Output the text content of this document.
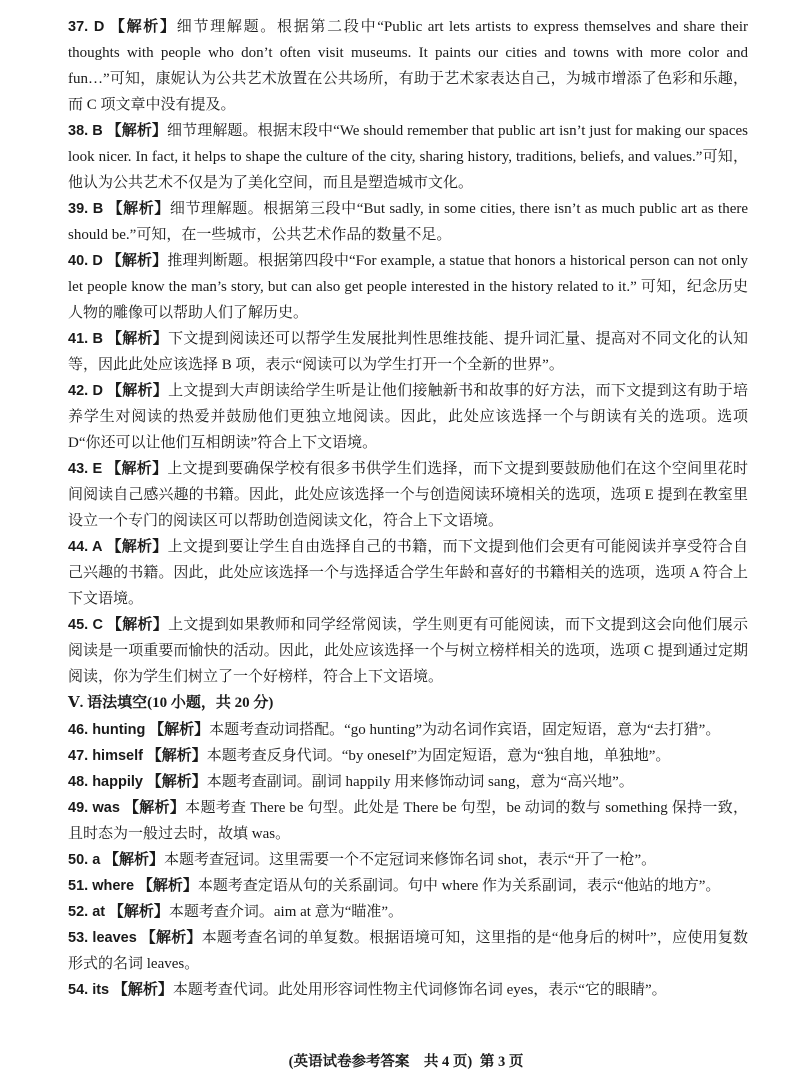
37. D 【解析】细节理解题。根据第二段中“Public art lets artists to express themselves and share their thoughts with people who don’t often visit museums. It paints our cities and towns with more color and fun…”可知，康妮认为公共艺术放置在公共场所，有助于艺术家表达自己，为城市增添了色彩和乐趣，而 C 项文章中没有提及。

38. B 【解析】细节理解题。根据末段中“We should remember that public art isn’t just for making our spaces look nicer. In fact, it helps to shape the culture of the city, sharing history, traditions, beliefs, and values.”可知，他认为公共艺术不仅是为了美化空间，而且是塑造城市文化。

39. B 【解析】细节理解题。根据第三段中“But sadly, in some cities, there isn’t as much public art as there should be.”可知，在一些城市，公共艺术作品的数量不足。

40. D 【解析】推理判断题。根据第四段中“For example, a statue that honors a historical person can not only let people know the man’s story, but can also get people interested in the history related to it.” 可知，纪念历史人物的雕像可以帮助人们了解历史。

41. B 【解析】下文提到阅读还可以帮学生发展批判性思维技能、提升词汇量、提高对不同文化的认知等，因此此处应该选择 B 项，表示“阅读可以为学生打开一个全新的世界”。

42. D 【解析】上文提到大声朗读给学生听是让他们接触新书和故事的好方法，而下文提到这有助于培养学生对阅读的热爱并鼓励他们更独立地阅读。因此，此处应该选择一个与朗读有关的选项。选项 D“你还可以让他们互相朗读”符合上下文语境。

43. E 【解析】上文提到要确保学校有很多书供学生们选择，而下文提到要鼓励他们在这个空间里花时间阅读自己感兴趣的书籍。因此，此处应该选择一个与创造阅读环境相关的选项，选项 E 提到在教室里设立一个专门的阅读区可以帮助创造阅读文化，符合上下文语境。

44. A 【解析】上文提到要让学生自由选择自己的书籍，而下文提到他们会更有可能阅读并享受符合自己兴趣的书籍。因此，此处应该选择一个与选择适合学生年龄和喜好的书籍相关的选项，选项 A 符合上下文语境。

45. C 【解析】上文提到如果教师和同学经常阅读，学生则更有可能阅读，而下文提到这会向他们展示阅读是一项重要而愉快的活动。因此，此处应该选择一个与树立榜样相关的选项，选项 C 提到通过定期阅读，你为学生们树立了一个好榜样，符合上下文语境。

Ⅴ. 语法填空(10 小题，共 20 分)

46. hunting 【解析】本题考查动词搭配。“go hunting”为动名词作宾语，固定短语，意为“去打猎”。

47. himself 【解析】本题考查反身代词。“by oneself”为固定短语，意为“独自地，单独地”。

48. happily 【解析】本题考查副词。副词 happily 用来修饰动词 sang，意为“高兴地”。

49. was 【解析】本题考查 There be 句型。此处是 There be 句型，be 动词的数与 something 保持一致，且时态为一般过去时，故填 was。

50. a 【解析】本题考查冠词。这里需要一个不定冠词来修饰名词 shot，表示“开了一枪”。

51. where 【解析】本题考查定语从句的关系副词。句中 where 作为关系副词，表示“他站的地方”。

52. at 【解析】本题考查介词。aim at 意为“瞄准”。

53. leaves 【解析】本题考查名词的单复数。根据语境可知，这里指的是“他身后的树叶”，应使用复数形式的名词 leaves。

54. its 【解析】本题考查代词。此处用形容词性物主代词修饰名词 eyes，表示“它的眼睛”。

(英语试卷参考答案　共 4 页) 第 3 页
